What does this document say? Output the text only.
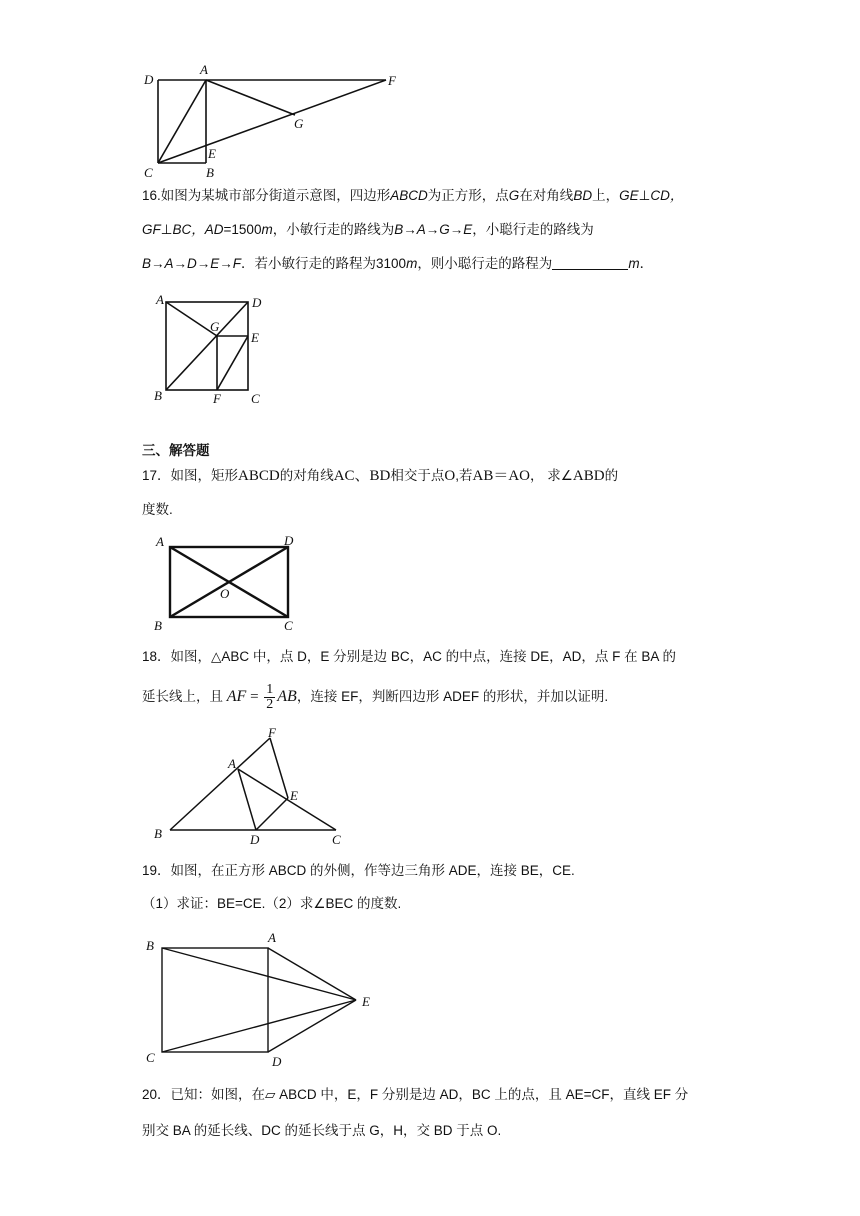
D
A
F
G
E
C	B
16.如图为某城市部分街道示意图，四边形ABCD为正方形，点G在对角线BD上，GE⊥CD，
GF⊥BC，AD=1500m，小敏行走的路线为B→A→G→E，小聪行走的路线为
B→A→D→E→F．若小敏行走的路程为3100m，则小聪行走的路程为	m．
A	D
G
E
B	F C
三、解答题
17．如图，矩形ABCD的对角线AC、BD相交于点O,若AB＝AO， 求∠ABD的
度数.
A	D
O
B	C
18．如图，△ABC 中，点 D，E 分别是边 BC，AC 的中点，连接 DE，AD，点 F 在 BA 的
延长线上，且 AF = $\frac{1}{2}$ AB，连接 EF，判断四边形 ADEF 的形状，并加以证明.
F
A
E
B	D	C
19．如图，在正方形 ABCD 的外侧，作等边三角形 ADE，连接 BE，CE.
（1）求证：BE=CE.（2）求∠BEC 的度数.
B
A
E
C	D
20．已知：如图，在▱ ABCD 中，E，F 分别是边 AD，BC 上的点，且 AE=CF，直线 EF 分
别交 BA 的延长线、DC 的延长线于点 G，H，交 BD 于点 O.
